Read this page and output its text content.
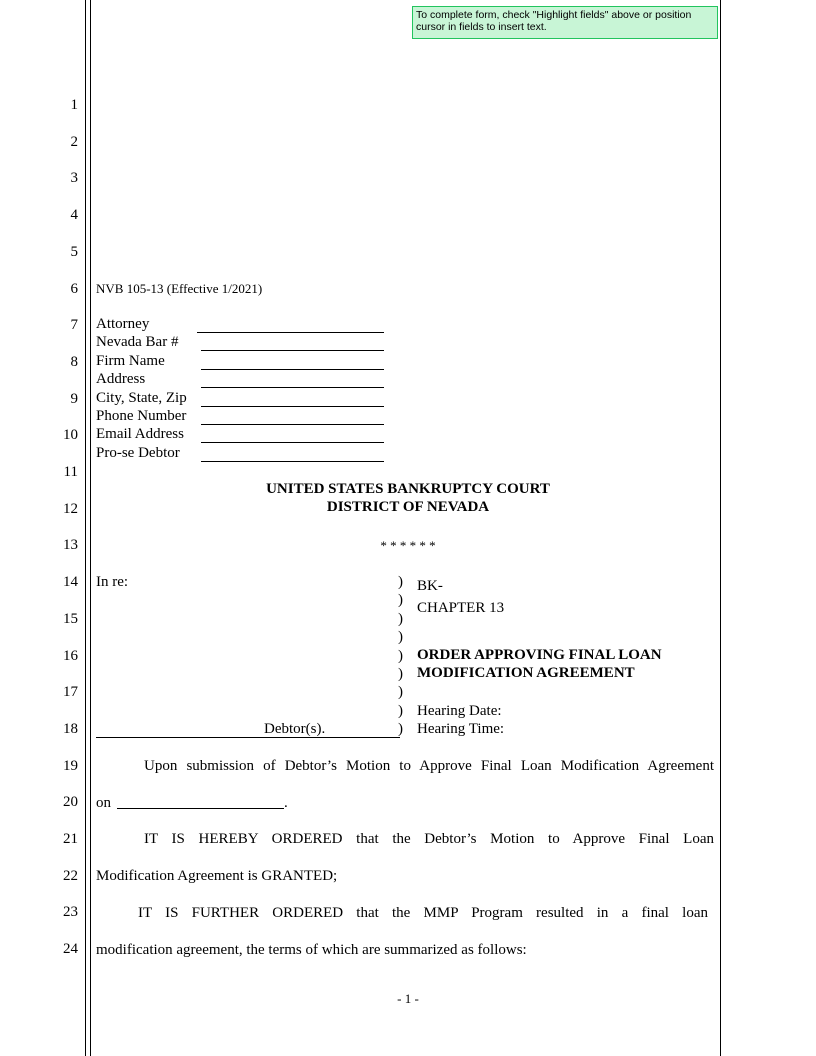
To complete form, check "Highlight fields" above or position cursor in fields to insert text.
1
2
3
4
5
6
7
8
9
10
11
12
13
14
15
16
17
18
19
20
21
22
23
24
NVB 105-13 (Effective 1/2021)
Attorney
Nevada Bar #
Firm Name
Address
City, State, Zip
Phone Number
Email Address
Pro-se Debtor
UNITED STATES BANKRUPTCY COURT
DISTRICT OF NEVADA
* * * * * *
In re:
Debtor(s).
)
)
)
)
)
)
)
)
)
BK-
CHAPTER 13
ORDER APPROVING FINAL LOAN
MODIFICATION AGREEMENT
Hearing Date:
Hearing Time:
Upon submission of Debtor’s Motion to Approve Final Loan Modification Agreement
on	.
IT IS HEREBY ORDERED that the Debtor’s Motion to Approve Final Loan
Modification Agreement is GRANTED;
IT IS FURTHER ORDERED that the MMP Program resulted in a final loan
modification agreement, the terms of which are summarized as follows:
- 1 -
